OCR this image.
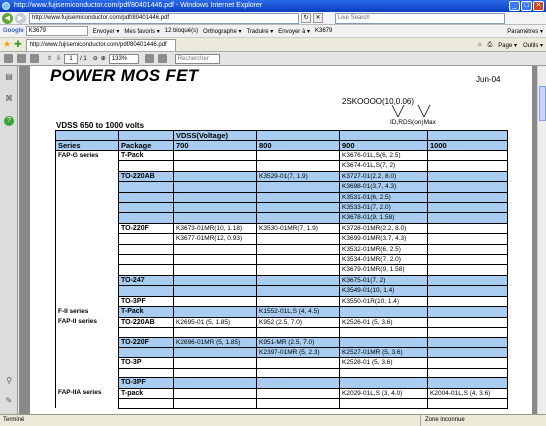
http://www.fujisemiconductor.com/pdf/80401446.pdf - Windows Internet Explorer	_	□ ✕
◀	▶	http://www.fujisemiconductor.com/pdf/80401446.pdf	↻	✕	Live Search
Google K3679	Envoyer ▾ Mes favoris ▾ 12 bloqué(s) Orthographe ▾ Traduire ▾ Envoyer à ▾ K3679	Paramètres ▾
★ ✚	http://www.fujisemiconductor.com/pdf/80401446.pdf	⌂ ⎙ Page ▾ Outils ▾
⇧ ⇩	1	/ 1 ⊖ ⊕	133%	Rechercher
▤
⌘
?
⚲
✎
POWER MOS FET	Jun-04
2SKOOOO(10,0.06)
ID,RDS(on)Max
VDSS 650 to 1000 volts
		VDSS(Voltage)			
Series	Package	700	800	900	1000
FAP-G series	T-Pack			K3676-01L,S(6, 2.5)	
				K3674-01L,S(7, 2)	
	TO-220AB		K3529-01(7, 1.9)	K3727-01(2.2, 8.0)	
				K3698-01(3.7, 4.3)	
				K3531-01(6, 2.5)	
				K3533-01(7, 2.0)	
				K3678-01(9, 1.58)	
	TO-220F	K3673-01MR(10, 1.18)	K3530-01MR(7, 1.9)	K3728-01MR(2.2, 8.0)	
		K3677-01MR(12, 0.93)		K3699-01MR(3.7, 4.3)	
				K3532-01MR(6, 2.5)	
				K3534-01MR(7, 2.0)	
				K3679-01MR(9, 1.58)	
	TO-247			K3675-01(7, 2)	
				K3549-01(10, 1.4)	
	TO-3PF			K3550-01R(10, 1.4)	
F-II series	T-Pack		K1552-01L,S (4, 4.5)		
FAP-II series	TO-220AB	K2695-01 (5, 1.85)	K952 (2.5, 7.0)	K2526-01 (5, 3.6)	

	TO-220F	K2696-01MR (5, 1.85)	K951-MR (2.5, 7.0)		
			K2397-01MR (5, 2.3)	K2527-01MR (5, 3.6)	
	TO-3P			K2528-01 (5, 3.6)	

	TO-3PF				
FAP-IIA series	T-pack			K2029-01L,S (3, 4.0)	K2004-01L,S (4, 3.6)

Terminé	Zone inconnue
